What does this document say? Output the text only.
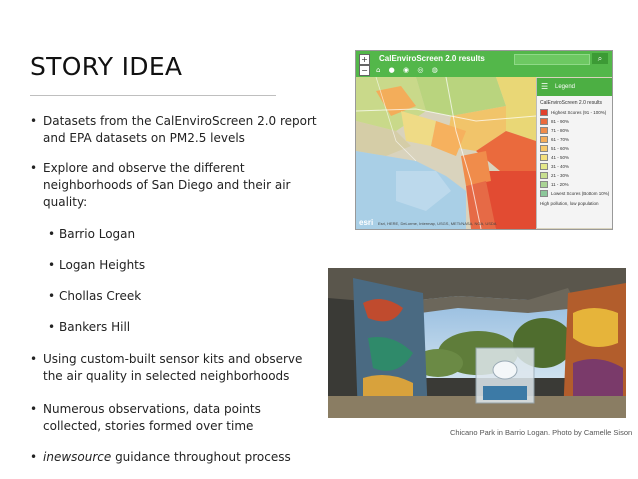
STORY IDEA
• Datasets from the CalEnviroScreen 2.0 report and EPA datasets on PM2.5 levels
• Explore and observe the different neighborhoods of San Diego and their air quality:
• Barrio Logan
• Logan Heights
• Chollas Creek
• Bankers Hill
• Using custom-built sensor kits and observe the air quality in selected neighborhoods
• Numerous observations, data points collected, stories formed over time
• inewsource guidance throughout process
CalEnviroScreen 2.0 results	⌕
⌂ ● ◉ ◎ ◍
+
−
☰ Legend
CalEnviroScreen 2.0 results
Highest Scores (91 - 100%)
81 - 90%
71 - 80%
61 - 70%
51 - 60%
41 - 50%
31 - 40%
21 - 30%
11 - 20%
Lowest Scores (Bottom 10%)
High pollution, low population
esri Esri, HERE, DeLorme, Intermap, USGS, METI/NASA, NGA, USDA
Chicano Park in Barrio Logan. Photo by Camelle Sison
